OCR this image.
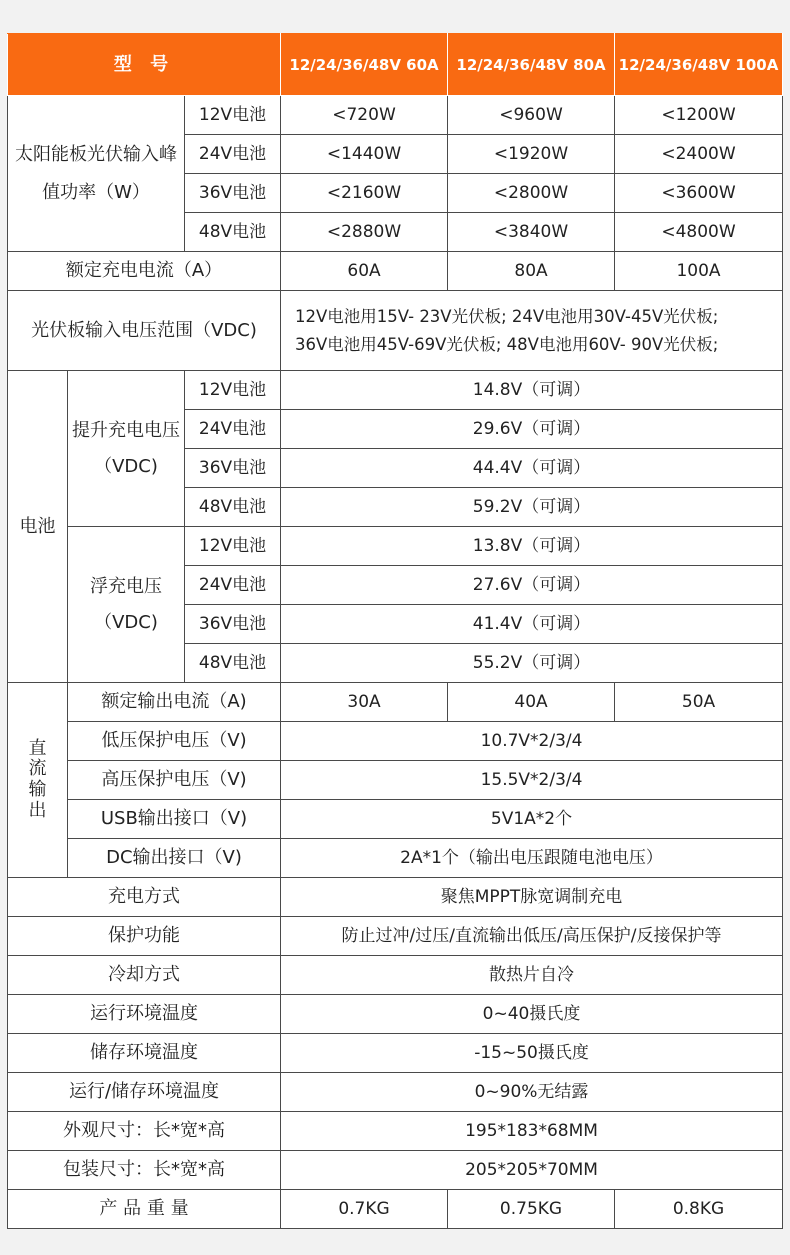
型 号			12/24/36/48V 60A	12/24/36/48V 80A	12/24/36/48V 100A
太阳能板光伏输入峰值功率（W）		12V电池	<720W	<960W	<1200W
		24V电池	<1440W	<1920W	<2400W
		36V电池	<2160W	<2800W	<3600W
		48V电池	<2880W	<3840W	<4800W
额定充电电流（A）			60A	80A	100A
光伏板输入电压范围（VDC)			12V电池用15V- 23V光伏板; 24V电池用30V-45V光伏板;
36V电池用45V-69V光伏板; 48V电池用60V- 90V光伏板;		

电池	提升充电电压（VDC)	12V电池	14.8V（可调）		
		24V电池	29.6V（可调）		
		36V电池	44.4V（可调）		
		48V电池	59.2V（可调）		
	浮充电压（VDC)	12V电池	13.8V（可调）		
		24V电池	27.6V（可调）		
		36V电池	41.4V（可调）		
		48V电池	55.2V（可调）		

直流输出	额定输出电流（A)		30A	40A	50A
	低压保护电压（V)		10.7V*2/3/4		
	高压保护电压（V)		15.5V*2/3/4		
	USB输出接口（V)		5V1A*2个		
	DC输出接口（V)		2A*1个（输出电压跟随电池电压）		
充电方式			聚焦MPPT脉宽调制充电		
保护功能			防止过冲/过压/直流输出低压/高压保护/反接保护等		
冷却方式			散热片自冷		
运行环境温度			0~40摄氏度		
储存环境温度			-15~50摄氏度		
运行/储存环境温度			0~90%无结露		
外观尺寸：长*宽*高			195*183*68MM		
包装尺寸：长*宽*高			205*205*70MM		
产 品 重 量			0.7KG	0.75KG	0.8KG
